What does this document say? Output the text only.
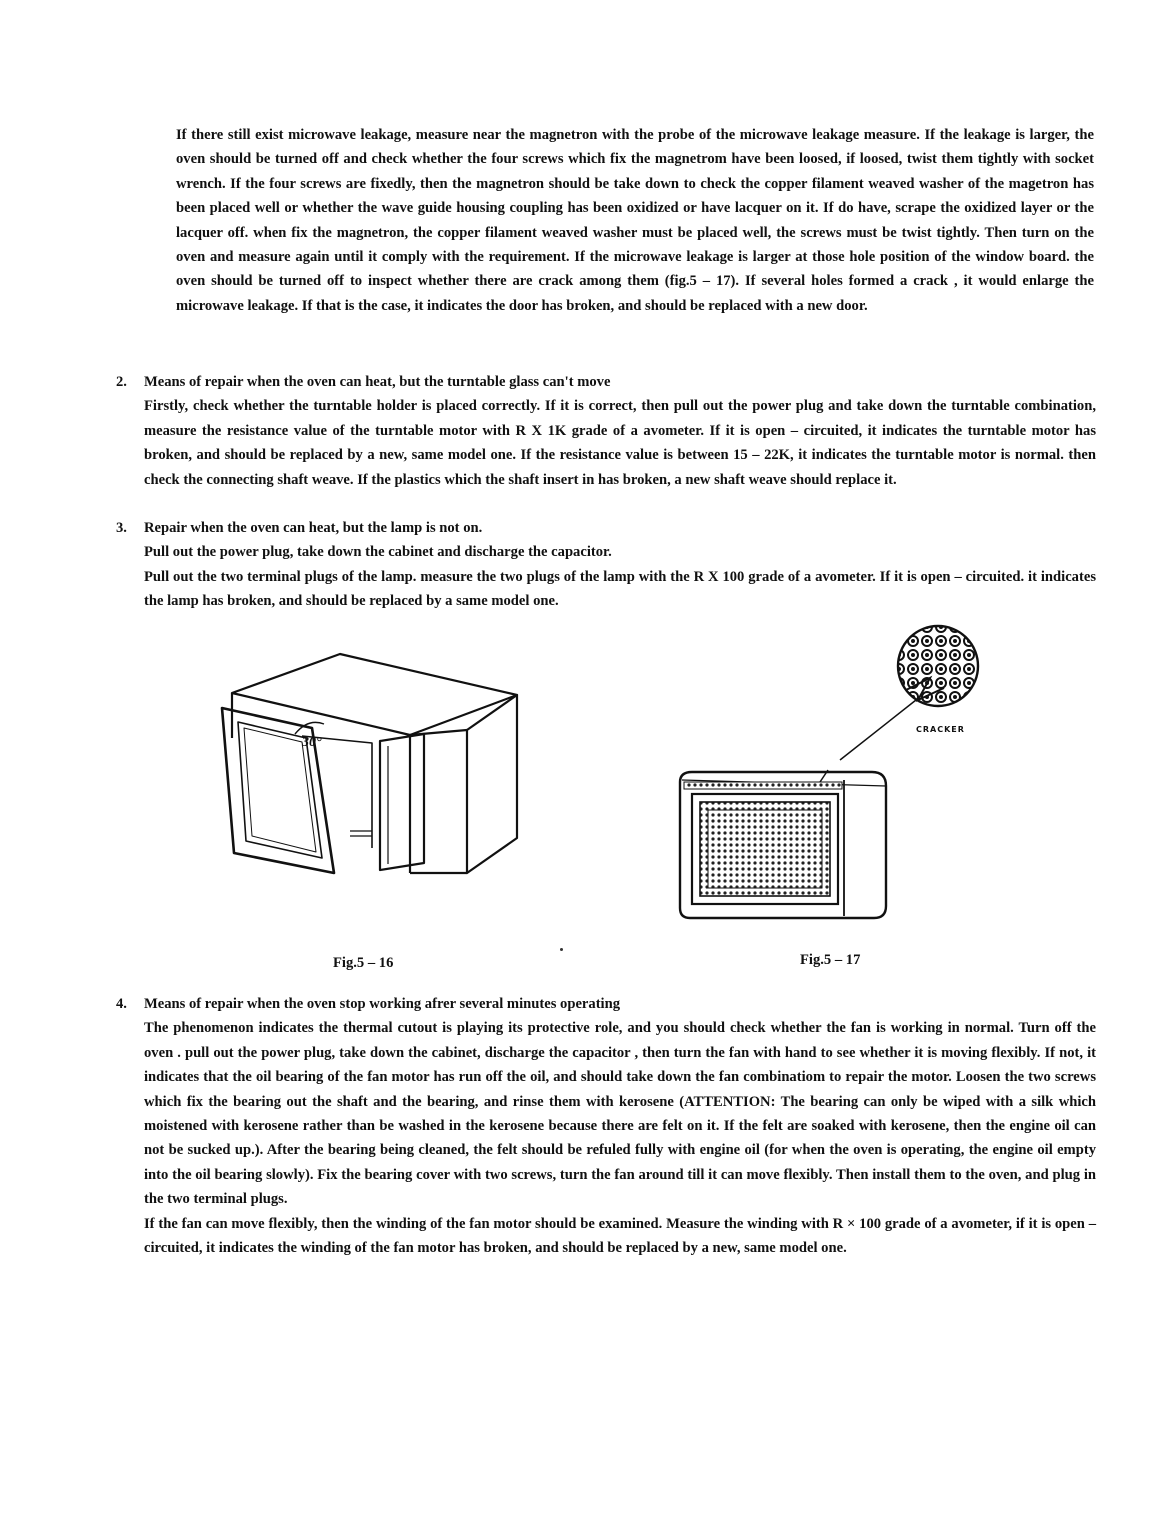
If there still exist microwave leakage, measure near the magnetron with the probe of the microwave leakage measure. If the leakage is larger, the oven should be turned off and check whether the four screws which fix the magnetrom have been loosed, if loosed, twist them tightly with socket wrench. If the four screws are fixedly, then the magnetron should be take down to check the copper filament weaved washer of the magetron has been placed well or whether the wave guide housing coupling has been oxidized or have lacquer on it. If do have, scrape the oxidized layer or the lacquer off. when fix the magnetron, the copper filament weaved washer must be placed well, the screws must be twist tightly. Then turn on the oven and measure again until it comply with the requirement. If the microwave leakage is larger at those hole position of the window board. the oven should be turned off to inspect whether there are crack among them (fig.5 – 17). If several holes formed a crack , it would enlarge the microwave leakage. If that is the case, it indicates the door has broken, and should be replaced with a new door.

2. Means of repair when the oven can heat, but the turntable glass can't move
Firstly, check whether the turntable holder is placed correctly. If it is correct, then pull out the power plug and take down the turntable combination, measure the resistance value of the turntable motor with R X 1K grade of a avometer. If it is open – circuited, it indicates the turntable motor has broken, and should be replaced by a new, same model one. If the resistance value is between 15 – 22K, it indicates the turntable motor is normal. then check the connecting shaft weave. If the plastics which the shaft insert in has broken, a new shaft weave should replace it.
3. Repair when the oven can heat, but the lamp is not on.
Pull out the power plug, take down the cabinet and discharge the capacitor.
Pull out the two terminal plugs of the lamp. measure the two plugs of the lamp with the R X 100 grade of a avometer. If it is open – circuited. it indicates the lamp has broken, and should be replaced by a same model one.
30°
CRACKER
Fig.5 – 16	Fig.5 – 17
4. Means of repair when the oven stop working afrer several minutes operating
The phenomenon indicates the thermal cutout is playing its protective role, and you should check whether the fan is working in normal. Turn off the oven . pull out the power plug, take down the cabinet, discharge the capacitor , then turn the fan with hand to see whether it is moving flexibly. If not, it indicates that the oil bearing of the fan motor has run off the oil, and should take down the fan combinatiom to repair the motor. Loosen the two screws which fix the bearing out the shaft and the bearing, and rinse them with kerosene (ATTENTION: The bearing can only be wiped with a silk which moistened with kerosene rather than be washed in the kerosene because there are felt on it. If the felt are soaked with kerosene, then the engine oil can not be sucked up.). After the bearing being cleaned, the felt should be refuled fully with engine oil (for when the oven is operating, the engine oil empty into the oil bearing slowly). Fix the bearing cover with two screws, turn the fan around till it can move flexibly. Then install them to the oven, and plug in the two terminal plugs.
If the fan can move flexibly, then the winding of the fan motor should be examined. Measure the winding with R × 100 grade of a avometer, if it is open – circuited, it indicates the winding of the fan motor has broken, and should be replaced by a new, same model one.
